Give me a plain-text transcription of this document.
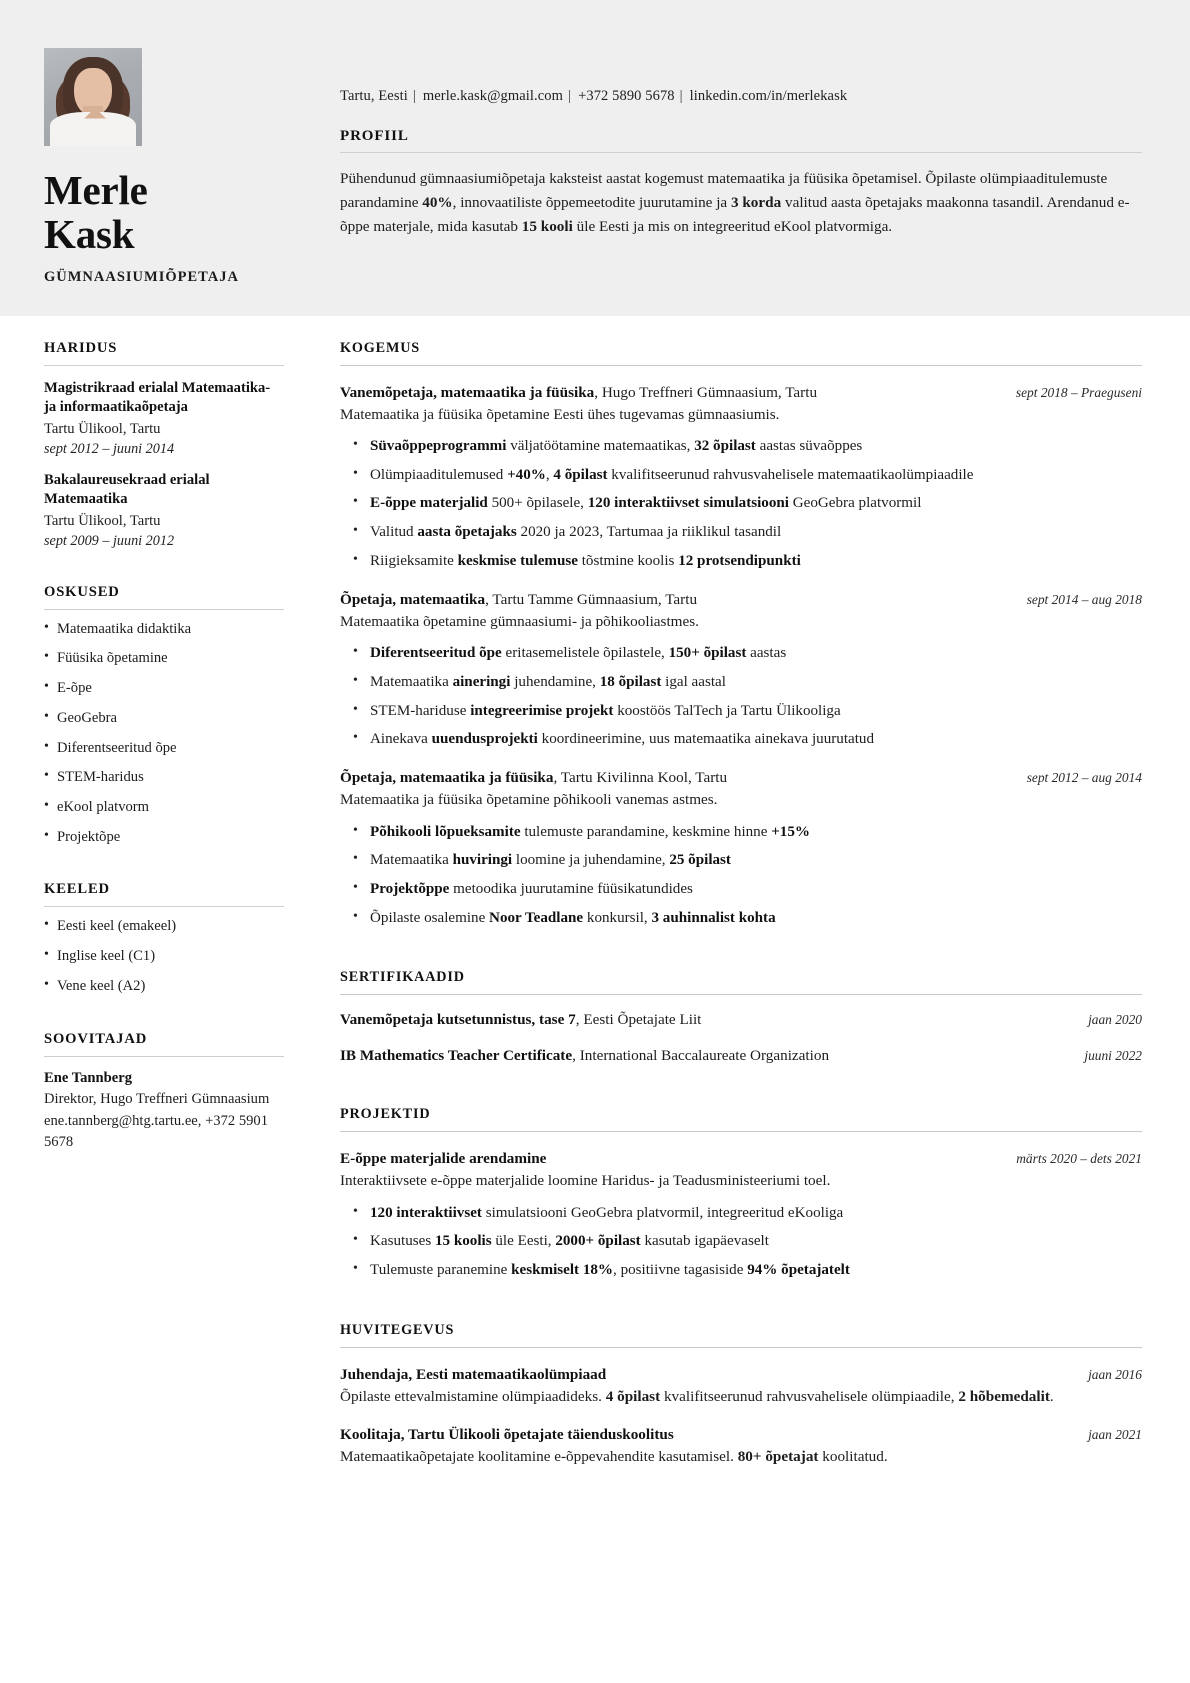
Merle
Kask
GÜMNAASIUMIÕPETAJA
Tartu, Eesti | merle.kask@gmail.com | +372 5890 5678 | linkedin.com/in/merlekask
PROFIIL
Pühendunud gümnaasiumiõpetaja kaksteist aastat kogemust matemaatika ja füüsika õpetamisel. Õpilaste olümpiaaditulemuste parandamine 40%, innovaatiliste õppemeetodite juurutamine ja 3 korda valitud aasta õpetajaks maakonna tasandil. Arendanud e-õppe materjale, mida kasutab 15 kooli üle Eesti ja mis on integreeritud eKool platvormiga.
HARIDUS
Magistrikraad erialal Matemaatika- ja informaatikaõpetaja
Tartu Ülikool, Tartu
sept 2012 – juuni 2014
Bakalaureusekraad erialal Matemaatika
Tartu Ülikool, Tartu
sept 2009 – juuni 2012
OSKUSED
• Matemaatika didaktika
• Füüsika õpetamine
• E-õpe
• GeoGebra
• Diferentseeritud õpe
• STEM-haridus
• eKool platvorm
• Projektõpe
KEELED
• Eesti keel (emakeel)
• Inglise keel (C1)
• Vene keel (A2)
SOOVITAJAD
Ene Tannberg
Direktor, Hugo Treffneri Gümnaasium
ene.tannberg@htg.tartu.ee, +372 5901 5678
KOGEMUS
Vanemõpetaja, matemaatika ja füüsika, Hugo Treffneri Gümnaasium, Tartu	sept 2018 – Praeguseni
Matemaatika ja füüsika õpetamine Eesti ühes tugevamas gümnaasiumis.
• Süvaõppeprogrammi väljatöötamine matemaatikas, 32 õpilast aastas süvaõppes
• Olümpiaaditulemused +40%, 4 õpilast kvalifitseerunud rahvusvahelisele matemaatikaolümpiaadile
• E-õppe materjalid 500+ õpilasele, 120 interaktiivset simulatsiooni GeoGebra platvormil
• Valitud aasta õpetajaks 2020 ja 2023, Tartumaa ja riiklikul tasandil
• Riigieksamite keskmise tulemuse tõstmine koolis 12 protsendipunkti
Õpetaja, matemaatika, Tartu Tamme Gümnaasium, Tartu	sept 2014 – aug 2018
Matemaatika õpetamine gümnaasiumi- ja põhikooliastmes.
• Diferentseeritud õpe eritasemelistele õpilastele, 150+ õpilast aastas
• Matemaatika aineringi juhendamine, 18 õpilast igal aastal
• STEM-hariduse integreerimise projekt koostöös TalTech ja Tartu Ülikooliga
• Ainekava uuendusprojekti koordineerimine, uus matemaatika ainekava juurutatud
Õpetaja, matemaatika ja füüsika, Tartu Kivilinna Kool, Tartu	sept 2012 – aug 2014
Matemaatika ja füüsika õpetamine põhikooli vanemas astmes.
• Põhikooli lõpueksamite tulemuste parandamine, keskmine hinne +15%
• Matemaatika huviringi loomine ja juhendamine, 25 õpilast
• Projektõppe metoodika juurutamine füüsikatundides
• Õpilaste osalemine Noor Teadlane konkursil, 3 auhinnalist kohta
SERTIFIKAADID
Vanemõpetaja kutsetunnistus, tase 7, Eesti Õpetajate Liit	jaan 2020
IB Mathematics Teacher Certificate, International Baccalaureate Organization	juuni 2022
PROJEKTID
E-õppe materjalide arendamine	märts 2020 – dets 2021
Interaktiivsete e-õppe materjalide loomine Haridus- ja Teadusministeeriumi toel.
• 120 interaktiivset simulatsiooni GeoGebra platvormil, integreeritud eKooliga
• Kasutuses 15 koolis üle Eesti, 2000+ õpilast kasutab igapäevaselt
• Tulemuste paranemine keskmiselt 18%, positiivne tagasiside 94% õpetajatelt
HUVITEGEVUS
Juhendaja, Eesti matemaatikaolümpiaad	jaan 2016
Õpilaste ettevalmistamine olümpiaadideks. 4 õpilast kvalifitseerunud rahvusvahelisele olümpiaadile, 2 hõbemedalit.
Koolitaja, Tartu Ülikooli õpetajate täienduskoolitus	jaan 2021
Matemaatikaõpetajate koolitamine e-õppevahendite kasutamisel. 80+ õpetajat koolitatud.
